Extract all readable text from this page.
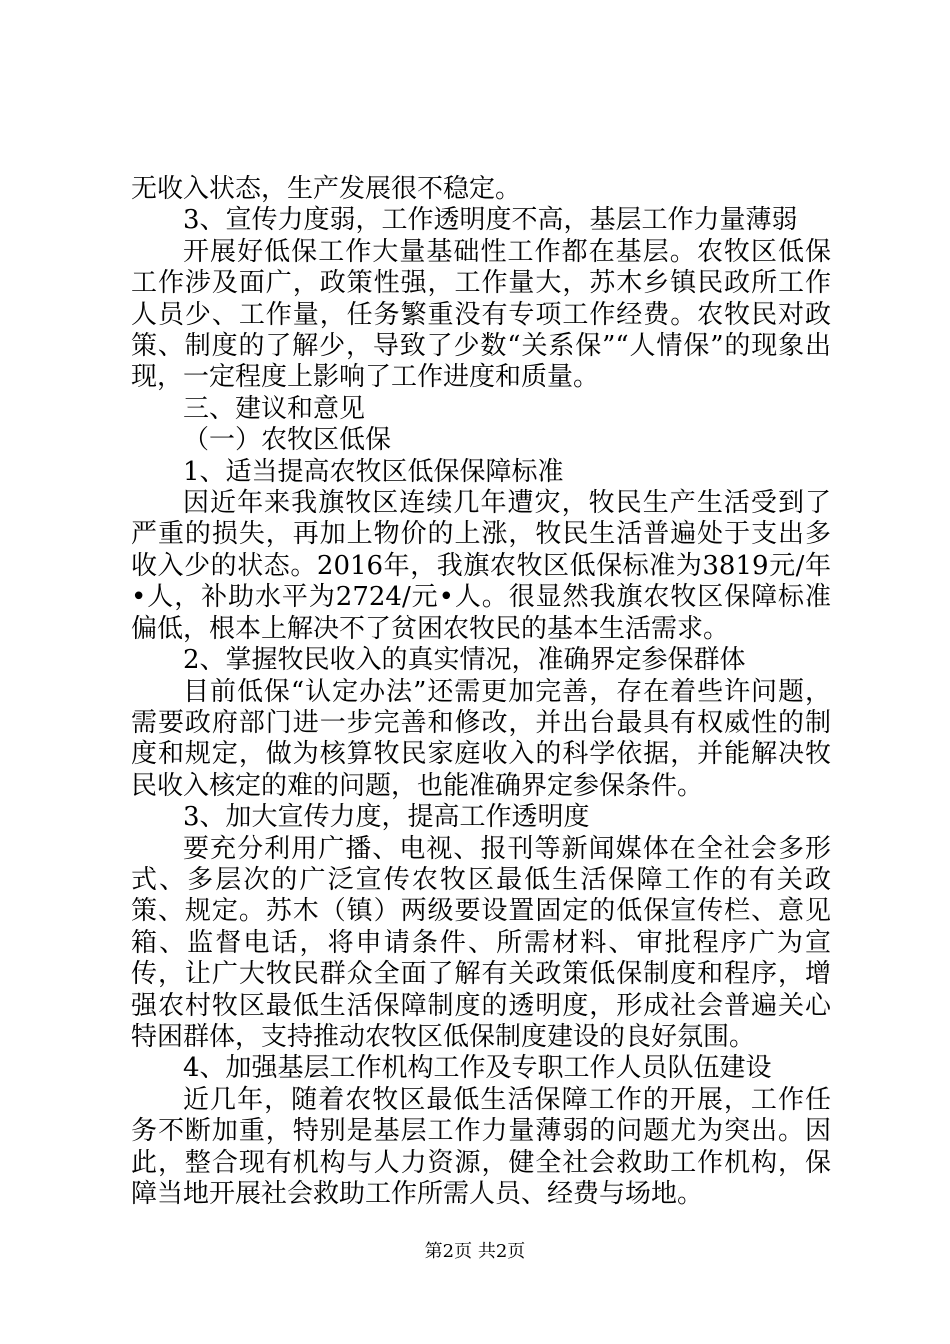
无收入状态，生产发展很不稳定。

3、宣传力度弱，工作透明度不高，基层工作力量薄弱

开展好低保工作大量基础性工作都在基层。农牧区低保工作涉及面广，政策性强，工作量大，苏木乡镇民政所工作人员少、工作量，任务繁重没有专项工作经费。农牧民对政策、制度的了解少，导致了少数“关系保”“人情保”的现象出现，一定程度上影响了工作进度和质量。

三、建议和意见

（一）农牧区低保

1、适当提高农牧区低保保障标准

因近年来我旗牧区连续几年遭灾，牧民生产生活受到了严重的损失，再加上物价的上涨，牧民生活普遍处于支出多收入少的状态。2016年，我旗农牧区低保标准为3819元/年•人，补助水平为2724/元•人。很显然我旗农牧区保障标准偏低，根本上解决不了贫困农牧民的基本生活需求。

2、掌握牧民收入的真实情况，准确界定参保群体

目前低保“认定办法”还需更加完善，存在着些许问题，需要政府部门进一步完善和修改，并出台最具有权威性的制度和规定，做为核算牧民家庭收入的科学依据，并能解决牧民收入核定的难的问题，也能准确界定参保条件。

3、加大宣传力度，提高工作透明度

要充分利用广播、电视、报刊等新闻媒体在全社会多形式、多层次的广泛宣传农牧区最低生活保障工作的有关政策、规定。苏木（镇）两级要设置固定的低保宣传栏、意见箱、监督电话，将申请条件、所需材料、审批程序广为宣传，让广大牧民群众全面了解有关政策低保制度和程序，增强农村牧区最低生活保障制度的透明度，形成社会普遍关心特困群体，支持推动农牧区低保制度建设的良好氛围。

4、加强基层工作机构工作及专职工作人员队伍建设

近几年，随着农牧区最低生活保障工作的开展，工作任务不断加重，特别是基层工作力量薄弱的问题尤为突出。因此，整合现有机构与人力资源，健全社会救助工作机构，保障当地开展社会救助工作所需人员、经费与场地。

第2页 共2页
